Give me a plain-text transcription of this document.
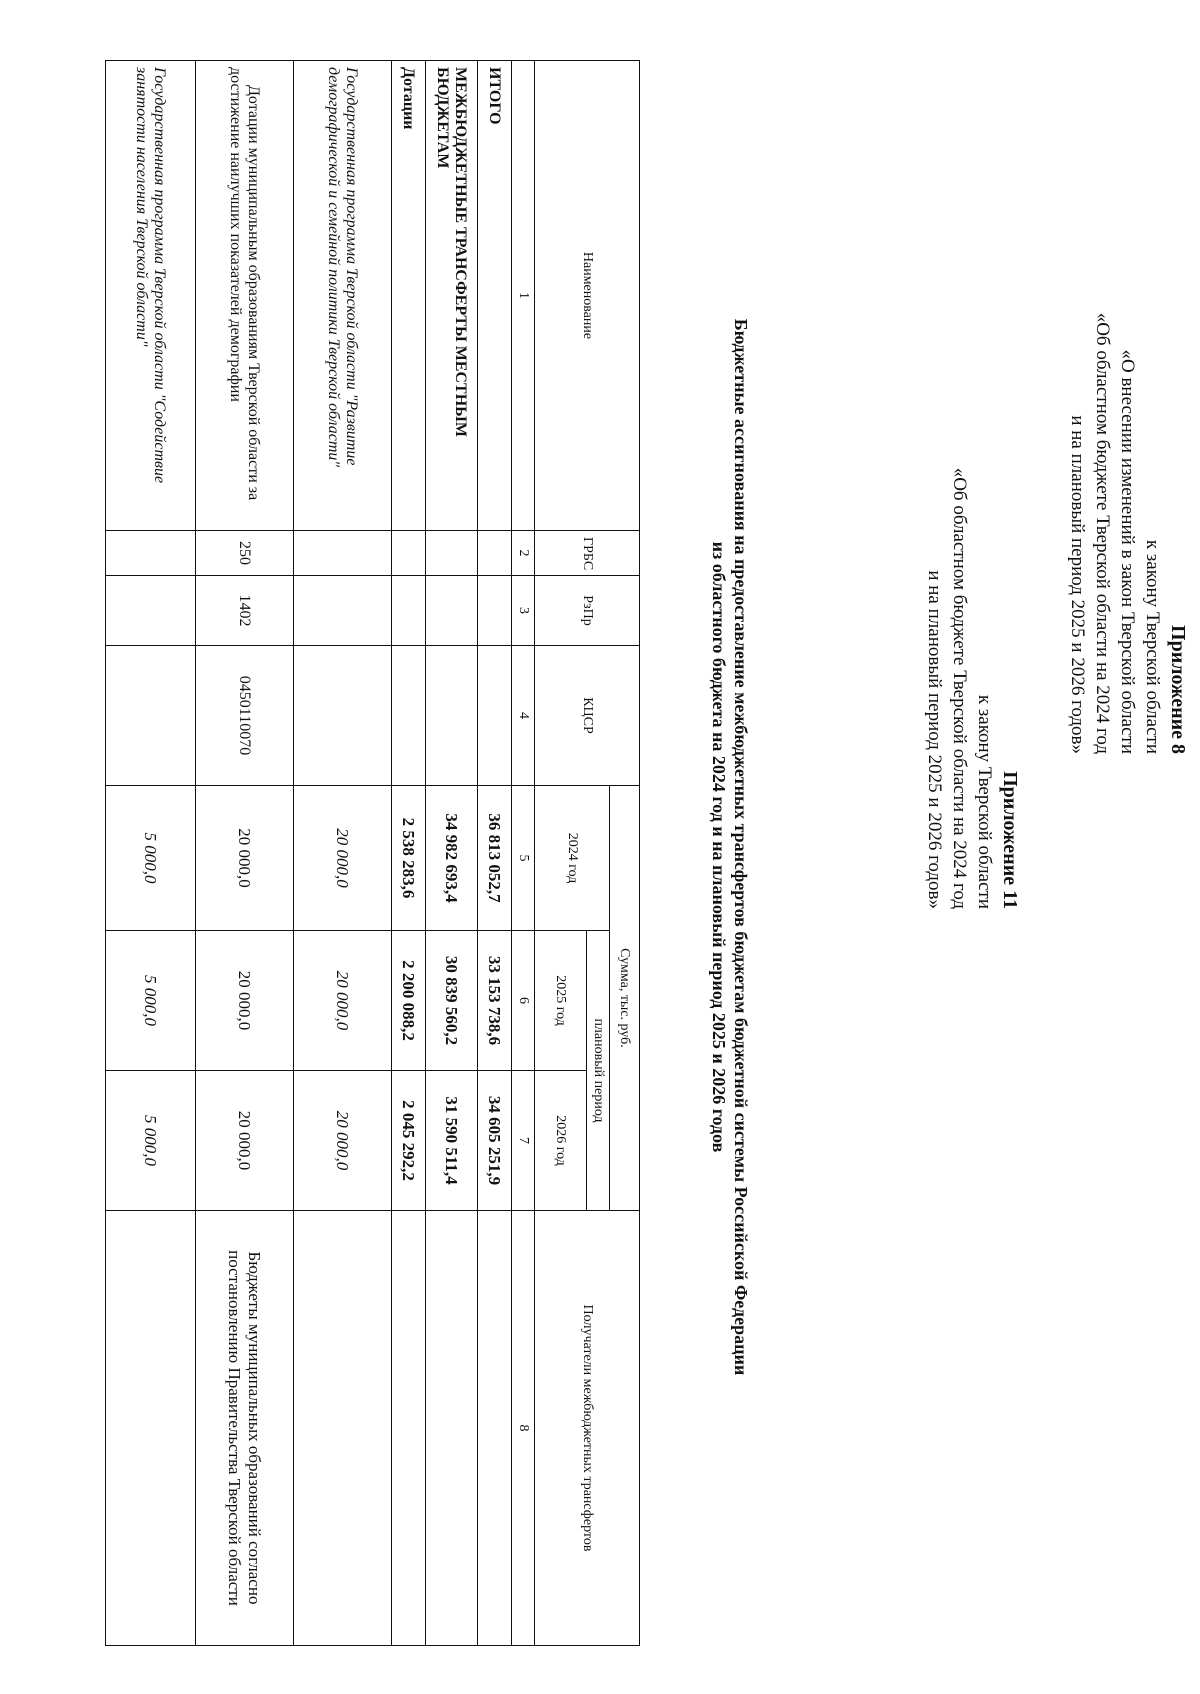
Приложение 8
к закону Тверской области
«О внесении изменений в закон Тверской области
«Об областном бюджете Тверской области на 2024 год
и на плановый период 2025 и 2026 годов»
Приложение 11
к закону Тверской области
«Об областном бюджете Тверской области на 2024 год
и на плановый период 2025 и 2026 годов»
Бюджетные ассигнования на предоставление межбюджетных трансфертов бюджетам бюджетной системы Российской Федерации
из областного бюджета на 2024 год и на плановый период 2025 и 2026 годов
Наименование	ГРБС	РзПр	КЦСР	Сумма, тыс. руб.			Получатели межбюджетных трансфертов
				2024 год	плановый период		
					2025 год	2026 год	
1	2	3	4	5	6	7	8
ИТОГО				36 813 052,7	33 153 738,6	34 605 251,9	
МЕЖБЮДЖЕТНЫЕ ТРАНСФЕРТЫ МЕСТНЫМ БЮДЖЕТАМ				34 982 693,4	30 839 560,2	31 590 511,4	
Дотации				2 538 283,6	2 200 088,2	2 045 292,2	
Государственная программа Тверской области "Развитие демографической и семейной политики Тверской области"				20 000,0	20 000,0	20 000,0	
Дотации муниципальным образованиям Тверской области за достижение наилучших показателей демографии	250	1402	0450110070	20 000,0	20 000,0	20 000,0	Бюджеты муниципальных образований согласно постановлению Правительства Тверской области
Государственная программа Тверской области "Содействие занятости населения Тверской области"				5 000,0	5 000,0	5 000,0	
